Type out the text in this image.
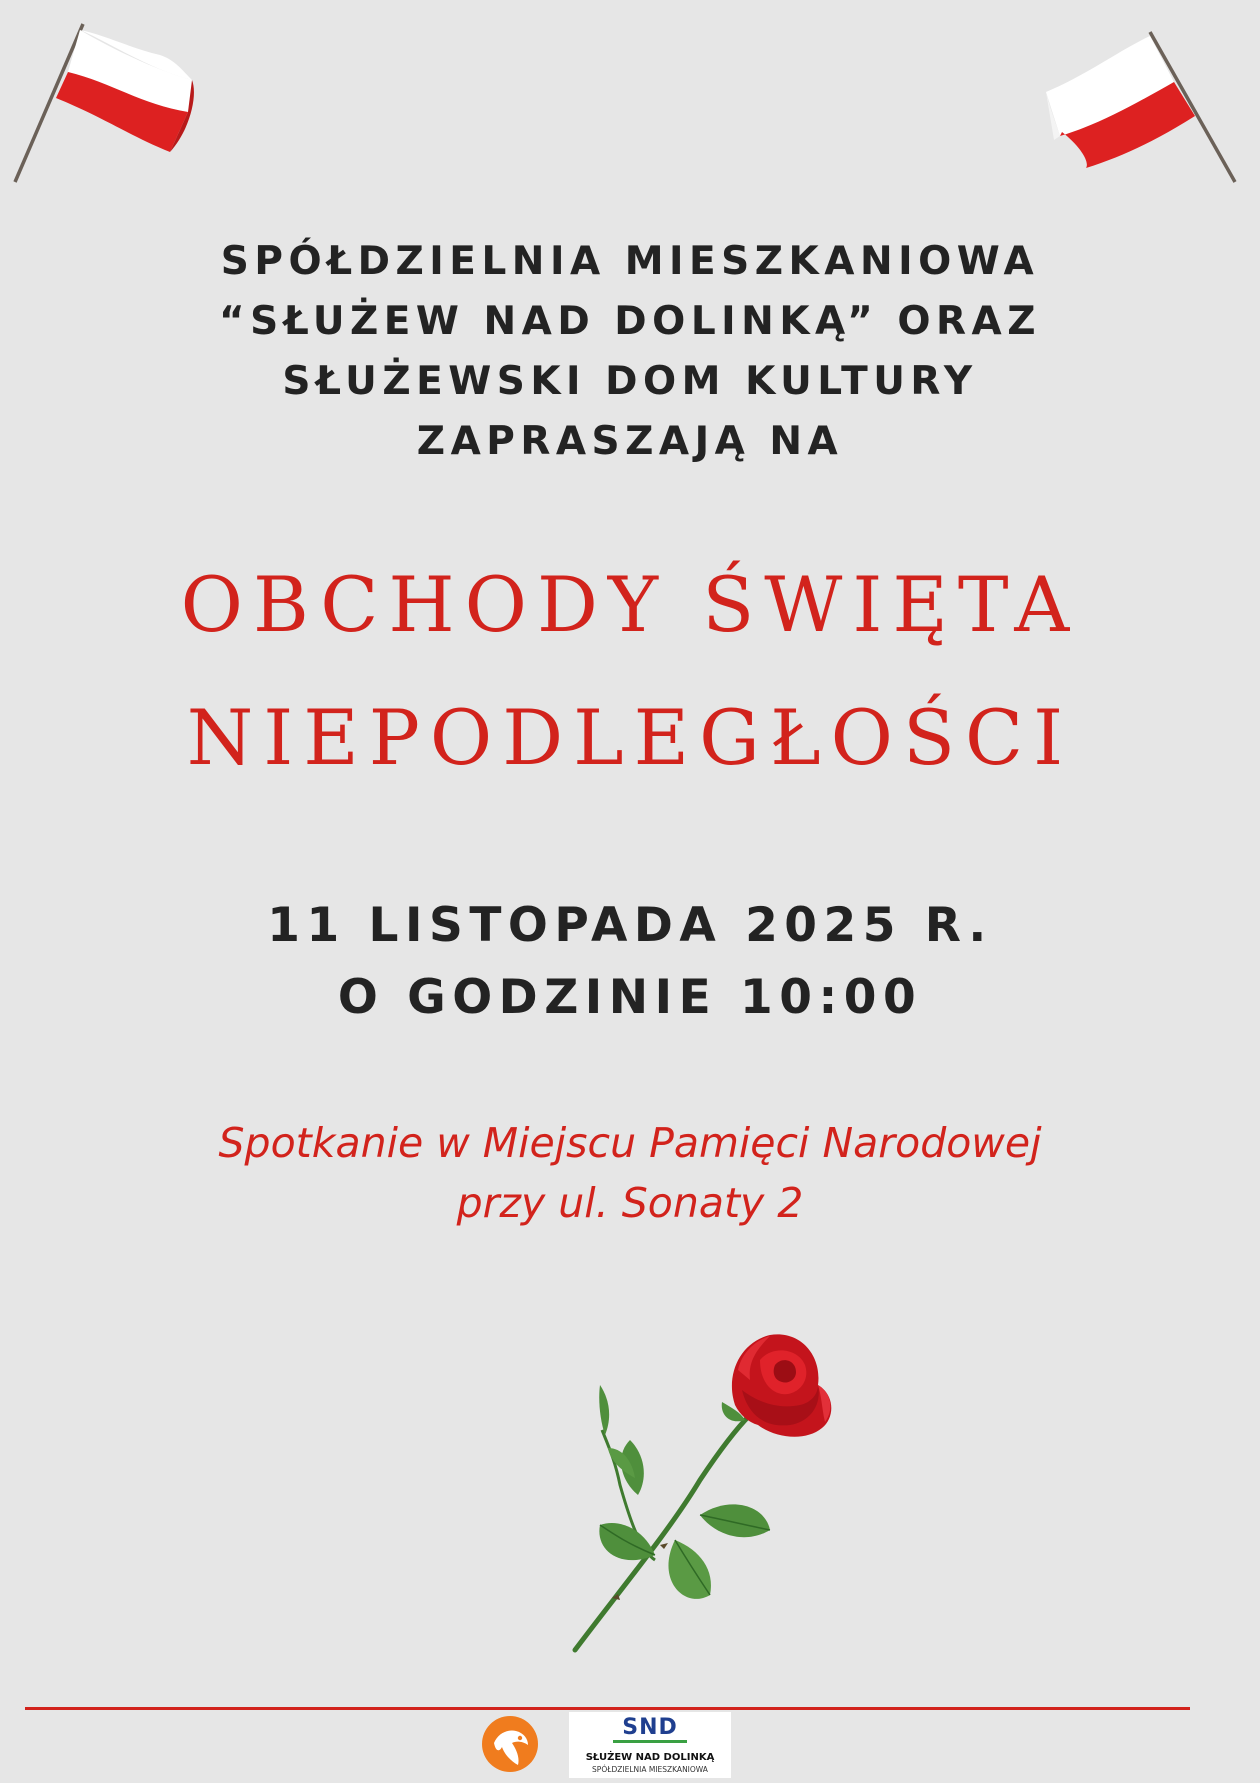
SPÓŁDZIELNIA MIESZKANIOWA
“SŁUŻEW NAD DOLINKĄ” ORAZ
SŁUŻEWSKI DOM KULTURY
ZAPRASZAJĄ NA
OBCHODY ŚWIĘTA
NIEPODLEGŁOŚCI
11 LISTOPADA 2025 R.
O GODZINIE 10:00
Spotkanie w Miejscu Pamięci Narodowej
przy ul. Sonaty 2
SND
SŁUŻEW NAD DOLINKĄ
SPÓŁDZIELNIA MIESZKANIOWA
